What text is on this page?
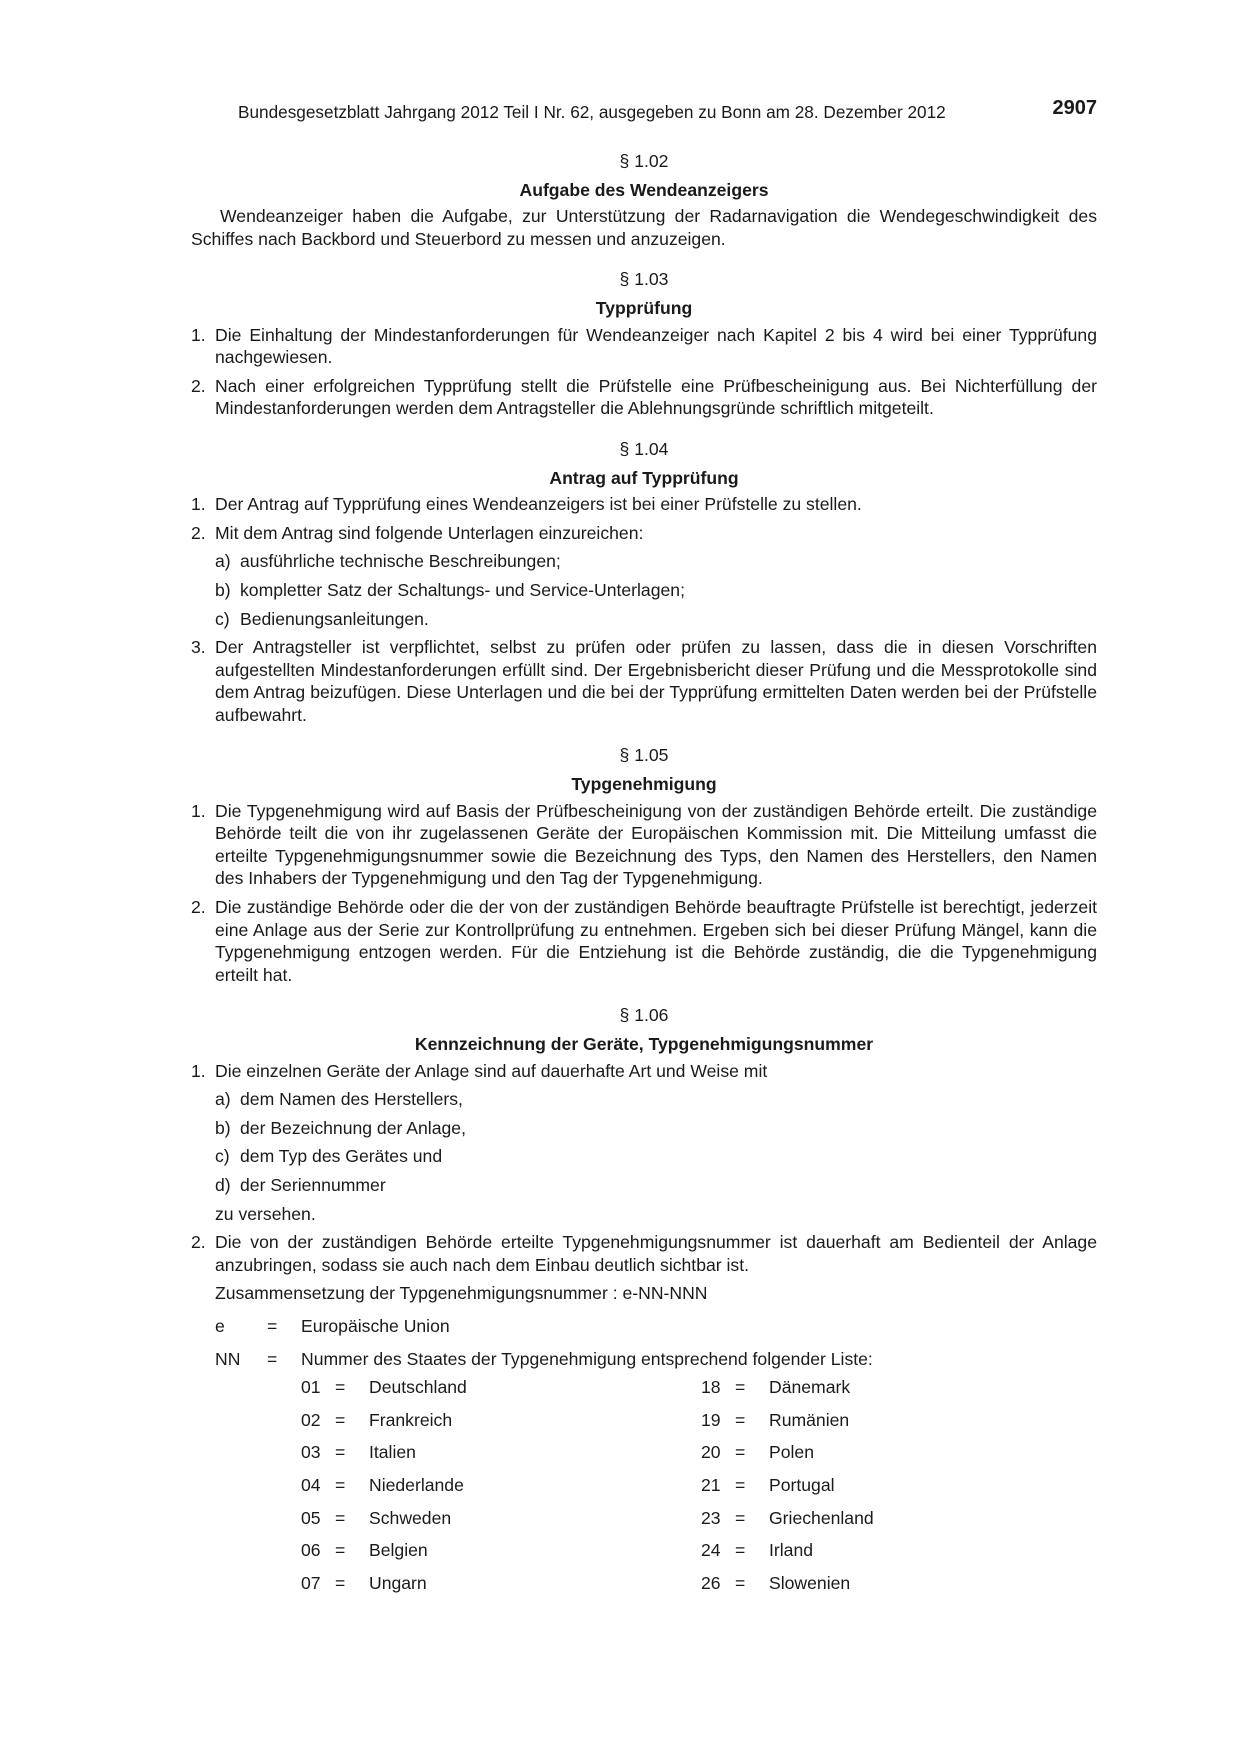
Bundesgesetzblatt Jahrgang 2012 Teil I Nr. 62, ausgegeben zu Bonn am 28. Dezember 2012	2907
§ 1.02
Aufgabe des Wendeanzeigers
Wendeanzeiger haben die Aufgabe, zur Unterstützung der Radarnavigation die Wendegeschwindigkeit des Schiffes nach Backbord und Steuerbord zu messen und anzuzeigen.
§ 1.03
Typprüfung
1. Die Einhaltung der Mindestanforderungen für Wendeanzeiger nach Kapitel 2 bis 4 wird bei einer Typprüfung nachgewiesen.
2. Nach einer erfolgreichen Typprüfung stellt die Prüfstelle eine Prüfbescheinigung aus. Bei Nichterfüllung der Mindestanforderungen werden dem Antragsteller die Ablehnungsgründe schriftlich mitgeteilt.
§ 1.04
Antrag auf Typprüfung
1. Der Antrag auf Typprüfung eines Wendeanzeigers ist bei einer Prüfstelle zu stellen.
2. Mit dem Antrag sind folgende Unterlagen einzureichen:
a) ausführliche technische Beschreibungen;
b) kompletter Satz der Schaltungs- und Service-Unterlagen;
c) Bedienungsanleitungen.
3. Der Antragsteller ist verpflichtet, selbst zu prüfen oder prüfen zu lassen, dass die in diesen Vorschriften aufgestellten Mindestanforderungen erfüllt sind. Der Ergebnisbericht dieser Prüfung und die Messprotokolle sind dem Antrag beizufügen. Diese Unterlagen und die bei der Typprüfung ermittelten Daten werden bei der Prüfstelle aufbewahrt.
§ 1.05
Typgenehmigung
1. Die Typgenehmigung wird auf Basis der Prüfbescheinigung von der zuständigen Behörde erteilt. Die zuständige Behörde teilt die von ihr zugelassenen Geräte der Europäischen Kommission mit. Die Mitteilung umfasst die erteilte Typgenehmigungsnummer sowie die Bezeichnung des Typs, den Namen des Herstellers, den Namen des Inhabers der Typgenehmigung und den Tag der Typgenehmigung.
2. Die zuständige Behörde oder die der von der zuständigen Behörde beauftragte Prüfstelle ist berechtigt, jederzeit eine Anlage aus der Serie zur Kontrollprüfung zu entnehmen. Ergeben sich bei dieser Prüfung Mängel, kann die Typgenehmigung entzogen werden. Für die Entziehung ist die Behörde zuständig, die die Typgenehmigung erteilt hat.
§ 1.06
Kennzeichnung der Geräte, Typgenehmigungsnummer
1. Die einzelnen Geräte der Anlage sind auf dauerhafte Art und Weise mit
a) dem Namen des Herstellers,
b) der Bezeichnung der Anlage,
c) dem Typ des Gerätes und
d) der Seriennummer
zu versehen.
2. Die von der zuständigen Behörde erteilte Typgenehmigungsnummer ist dauerhaft am Bedienteil der Anlage anzubringen, sodass sie auch nach dem Einbau deutlich sichtbar ist.
Zusammensetzung der Typgenehmigungsnummer : e-NN-NNN
e	=	Europäische Union
NN	=	Nummer des Staates der Typgenehmigung entsprechend folgender Liste:
01 =	Deutschland	18 =	Dänemark
02 =	Frankreich	19 =	Rumänien
03 =	Italien	20 =	Polen
04 =	Niederlande	21 =	Portugal
05 =	Schweden	23 =	Griechenland
06 =	Belgien	24 =	Irland
07 =	Ungarn	26 =	Slowenien
